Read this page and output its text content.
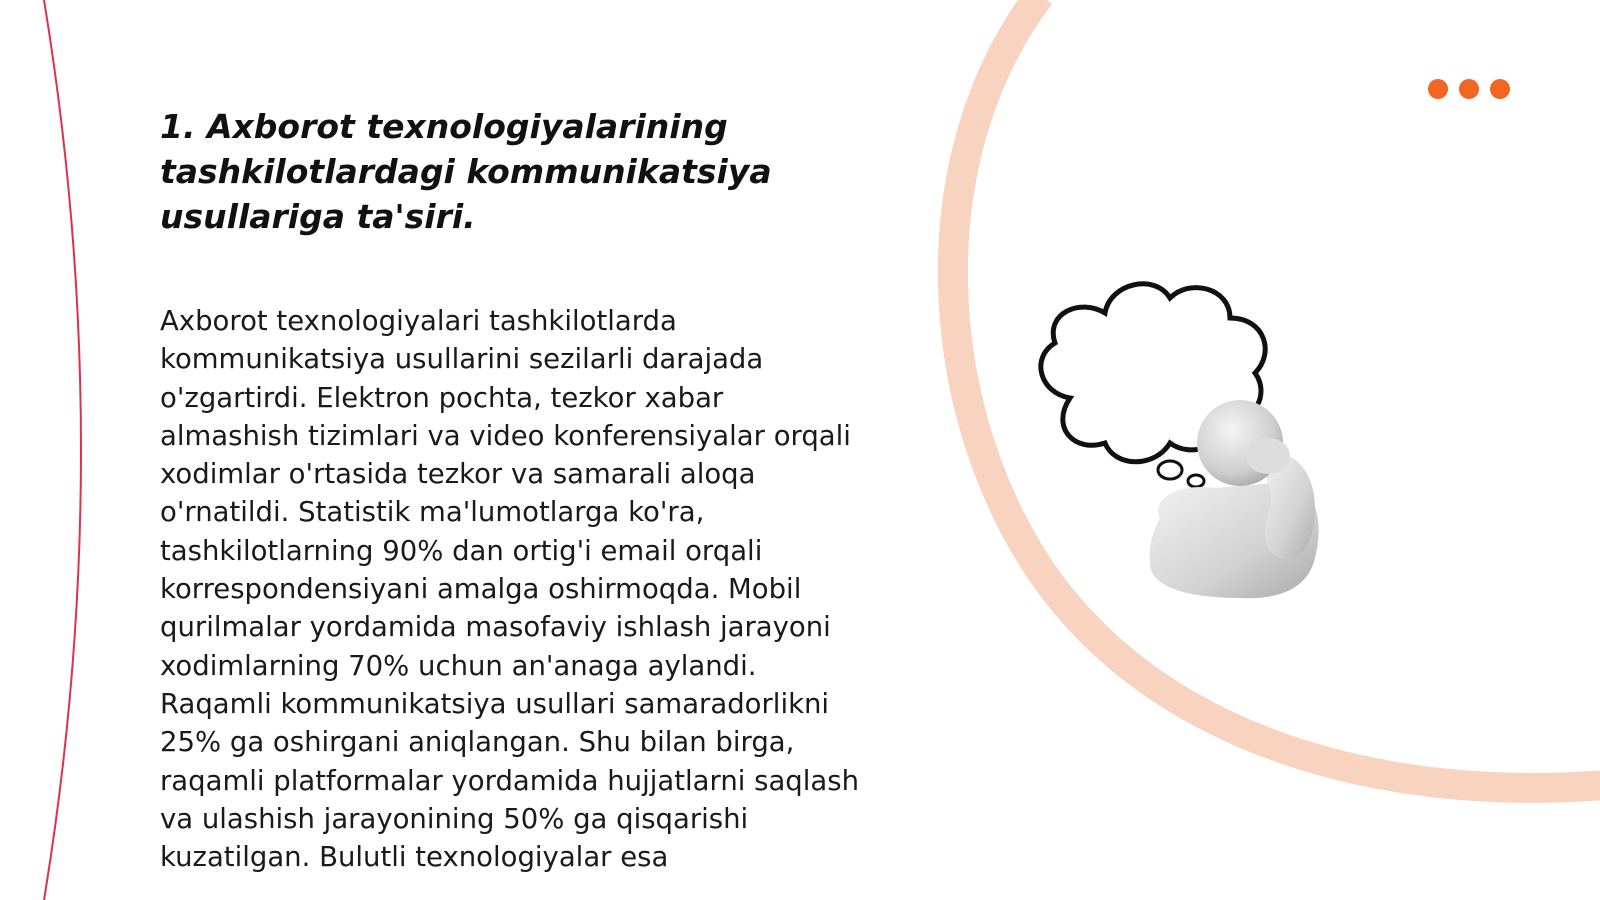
1. Axborot texnologiyalarining tashkilotlardagi kommunikatsiya usullariga ta'siri.

Axborot texnologiyalari tashkilotlarda kommunikatsiya usullarini sezilarli darajada o'zgartirdi. Elektron pochta, tezkor xabar almashish tizimlari va video konferensiyalar orqali xodimlar o'rtasida tezkor va samarali aloqa o'rnatildi. Statistik ma'lumotlarga ko'ra, tashkilotlarning 90% dan ortig'i email orqali korrespondensiyani amalga oshirmoqda. Mobil qurilmalar yordamida masofaviy ishlash jarayoni xodimlarning 70% uchun an'anaga aylandi. Raqamli kommunikatsiya usullari samaradorlikni 25% ga oshirgani aniqlangan. Shu bilan birga, raqamli platformalar yordamida hujjatlarni saqlash va ulashish jarayonining 50% ga qisqarishi kuzatilgan. Bulutli texnologiyalar esa
